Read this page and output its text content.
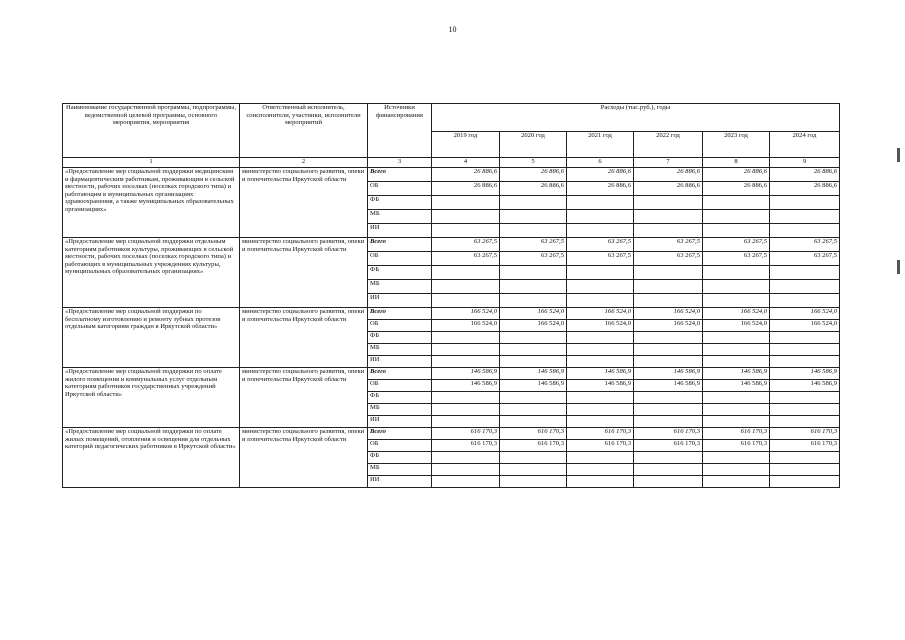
10
Наименование государственной программы, подпрограммы, ведомственной целевой программы, основного мероприятия, мероприятия	Ответственный исполнитель, соисполнители, участники, исполнители мероприятий	Источники финансирования	Расходы (тыс.руб.), годы					
			2019 год	2020 год	2021 год	2022 год	2023 год	2024 год
1	2	3	4	5	6	7	8	9
«Предоставление мер социальной поддержки медицинским и фармацевтическим работникам, проживающим в сельской местности, рабочих поселках (поселках городского типа) и работающим в муниципальных организациях здравоохранения, а также муниципальных образовательных организациях»	министерство социального развития, опеки и попечительства Иркутской области	Всего	26 886,6	26 886,6	26 886,6	26 886,6	26 886,6	26 886,6
		ОБ	26 886,6	26 886,6	26 886,6	26 886,6	26 886,6	26 886,6
		ФБ						
		МБ						
		ИИ						
«Предоставление мер социальной поддержки отдельным категориям работников культуры, проживающих в сельской местности, рабочих поселках (поселках городского типа) и работающих в муниципальных учреждениях культуры, муниципальных образовательных организациях»	министерство социального развития, опеки и попечительства Иркутской области	Всего	63 267,5	63 267,5	63 267,5	63 267,5	63 267,5	63 267,5
		ОБ	63 267,5	63 267,5	63 267,5	63 267,5	63 267,5	63 267,5
		ФБ						
		МБ						
		ИИ						
«Предоставление мер социальной поддержки по бесплатному изготовлению и ремонту зубных протезов отдельным категориям граждан в Иркутской области»	министерство социального развития, опеки и попечительства Иркутской области	Всего	166 524,0	166 524,0	166 524,0	166 524,0	166 524,0	166 524,0
		ОБ	166 524,0	166 524,0	166 524,0	166 524,0	166 524,0	166 524,0
		ФБ						
		МБ						
		ИИ						
«Предоставление мер социальной поддержки по оплате жилого помещения и коммунальных услуг отдельным категориям работников государственных учреждений Иркутской области»	министерство социального развития, опеки и попечительства Иркутской области	Всего	146 586,9	146 586,9	146 586,9	146 586,9	146 586,9	146 586,9
		ОБ	146 586,9	146 586,9	146 586,9	146 586,9	146 586,9	146 586,9
		ФБ						
		МБ						
		ИИ						
«Предоставление мер социальной поддержки по оплате жилых помещений, отопления и освещения для отдельных категорий педагогических работников в Иркутской области»	министерство социального развития, опеки и попечительства Иркутской области	Всего	616 170,3	616 170,3	616 170,3	616 170,3	616 170,3	616 170,3
		ОБ	616 170,3	616 170,3	616 170,3	616 170,3	616 170,3	616 170,3
		ФБ						
		МБ						
		ИИ						
